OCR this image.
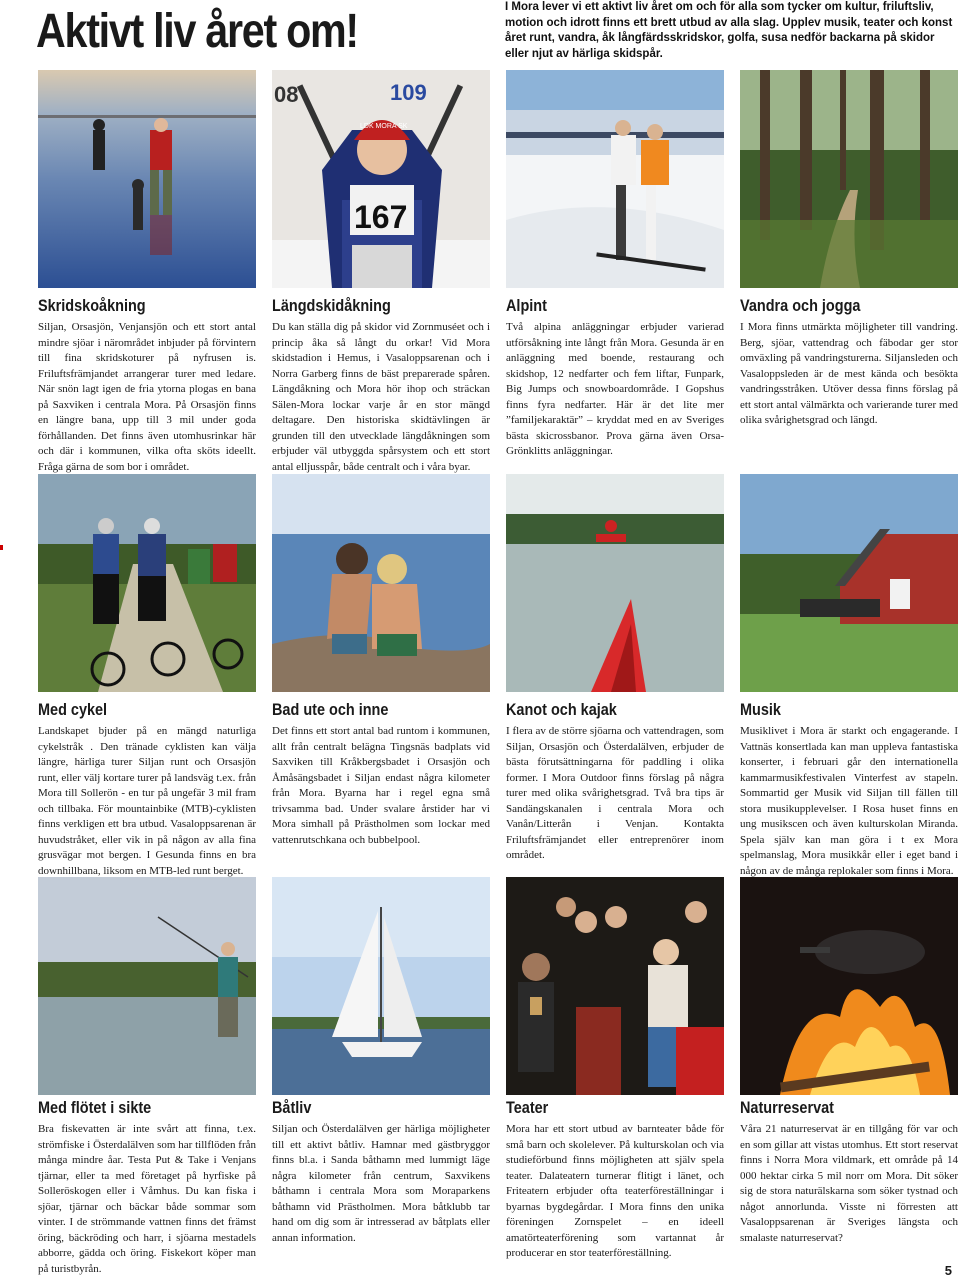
Aktivt liv året om!	I Mora lever vi ett aktivt liv året om och för alla som tycker om kultur, friluftsliv, motion och idrott finns ett brett utbud av alla slag. Upplev musik, teater och konst året runt, vandra, åk långfärdsskridskor, golfa, susa nedför backarna på skidor eller njut av härliga skidspår.
08	109
LDK MORA SK
167
Skridskoåkning

Siljan, Orsasjön, Venjansjön och ett stort antal mindre sjöar i närområdet inbjuder på förvintern till fina skridskoturer på nyfrusen is. Friluftsfrämjandet arrangerar turer med ledare. När snön lagt igen de fria ytorna plogas en bana på Saxviken i centrala Mora. På Orsasjön finns en längre bana, upp till 3 mil under goda förhållanden. Det finns även utomhusrinkar här och där i kommunen, vilka ofta sköts ideellt. Fråga gärna de som bor i området.

Längdskidåkning

Du kan ställa dig på skidor vid Zornmuséet och i princip åka så långt du orkar! Vid Mora skidstadion i Hemus, i Vasaloppsarenan och i Norra Garberg finns de bäst preparerade spåren. Längdåkning och Mora hör ihop och sträckan Sälen-Mora lockar varje år en stor mängd deltagare. Den historiska skidtävlingen är grunden till den utvecklade längdåkningen som erbjuder väl utbyggda spårsystem och ett stort antal elljusspår, både centralt och i våra byar.

Alpint

Två alpina anläggningar erbjuder varierad utförsåkning inte långt från Mora. Gesunda är en anläggning med boende, restaurang och skidshop, 12 nedfarter och fem liftar, Funpark, Big Jumps och snowboardområde. I Gopshus finns fyra nedfarter. Här är det lite mer ”familjekaraktär” – kryddat med en av Sveriges bästa skicrossbanor. Prova gärna även Orsa-Grönklitts anläggningar.

Vandra och jogga

I Mora finns utmärkta möjligheter till vandring. Berg, sjöar, vattendrag och fäbodar ger stor omväxling på vandringsturerna. Siljansleden och Vasaloppsleden är de mest kända och besökta vandringsstråken. Utöver dessa finns förslag på ett stort antal välmärkta och varierande turer med olika svårighetsgrad och längd.

Med cykel

Landskapet bjuder på en mängd naturliga cykelstråk . Den tränade cyklisten kan välja längre, härliga turer Siljan runt och Orsasjön runt, eller välj kortare turer på landsväg t.ex. från Mora till Sollerön - en tur på ungefär 3 mil fram och tillbaka. För mountainbike (MTB)-cyklisten finns verkligen ett bra utbud. Vasaloppsarenan är huvudstråket, eller vik in på någon av alla fina grusvägar mot bergen. I Gesunda finns en bra downhillbana, liksom en MTB-led runt berget.

Bad ute och inne

Det finns ett stort antal bad runtom i kommunen, allt från centralt belägna Tingsnäs badplats vid Saxviken till Kråkbergsbadet i Orsasjön och Åmåsängsbadet i Siljan endast några kilometer från Mora. Byarna har i regel egna små trivsamma bad. Under svalare årstider har vi Mora simhall på Prästholmen som lockar med vattenrutschkana och bubbelpool.

Kanot och kajak

I flera av de större sjöarna och vattendragen, som Siljan, Orsasjön och Österdalälven, erbjuder de bästa förutsättningarna för paddling i olika former. I Mora Outdoor finns förslag på några turer med olika svårighetsgrad. Två bra tips är Sandängskanalen i centrala Mora och Vanån/Litterån i Venjan. Kontakta Friluftsfrämjandet eller entreprenörer inom området.

Musik

Musiklivet i Mora är starkt och engagerande. I Vattnäs konsertlada kan man uppleva fantastiska konserter, i februari går den internationella kammarmusikfestivalen Vinterfest av stapeln. Sommartid ger Musik vid Siljan till fällen till stora musikupplevelser. I Rosa huset finns en ung musikscen och även kulturskolan Miranda. Spela själv kan man göra i t ex Mora spelmanslag, Mora musikkår eller i eget band i någon av de många replokaler som finns i Mora.

Med flötet i sikte

Bra fiskevatten är inte svårt att finna, t.ex. strömfiske i Österdalälven som har tillflöden från många mindre åar. Testa Put & Take i Venjans tjärnar, eller ta med företaget på hyrfiske på Solleröskogen eller i Våmhus. Du kan fiska i sjöar, tjärnar och bäckar både sommar som vinter. I de strömmande vattnen finns det främst öring, bäckröding och harr, i sjöarna mestadels abborre, gädda och öring. Fiskekort köper man på turistbyrån.

Båtliv

Siljan och Österdalälven ger härliga möjligheter till ett aktivt båtliv. Hamnar med gästbryggor finns bl.a. i Sanda båthamn med lummigt läge några kilometer från centrum, Saxvikens båthamn i centrala Mora som Moraparkens båthamn vid Prästholmen. Mora båtklubb tar hand om dig som är intresserad av båtplats eller annan information.

Teater

Mora har ett stort utbud av barnteater både för små barn och skolelever. På kulturskolan och via studieförbund finns möjligheten att själv spela teater. Dalateatern turnerar flitigt i länet, och Friteatern erbjuder ofta teaterföreställningar i byarnas bygdegårdar. I Mora finns den unika föreningen Zornspelet – en ideell amatörteaterförening som vartannat år producerar en stor teaterföreställning.

Naturreservat

Våra 21 naturreservat är en tillgång för var och en som gillar att vistas utomhus. Ett stort reservat finns i Norra Mora vildmark, ett område på 14 000 hektar cirka 5 mil norr om Mora. Dit söker sig de stora naturälskarna som söker tystnad och något annorlunda. Visste ni förresten att Vasaloppsarenan är Sveriges längsta och smalaste naturreservat?

5
